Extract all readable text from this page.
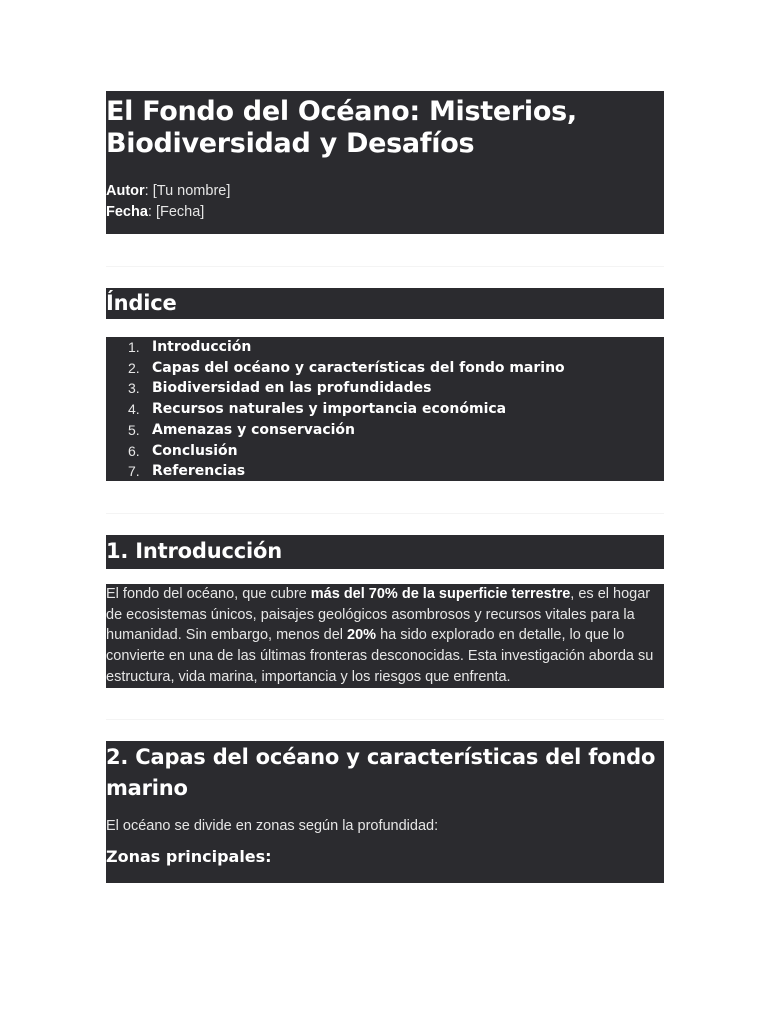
El Fondo del Océano: Misterios, Biodiversidad y Desafíos
Autor: [Tu nombre]
Fecha: [Fecha]
Índice
1. Introducción
2. Capas del océano y características del fondo marino
3. Biodiversidad en las profundidades
4. Recursos naturales y importancia económica
5. Amenazas y conservación
6. Conclusión
7. Referencias
1. Introducción

El fondo del océano, que cubre más del 70% de la superficie terrestre, es el hogar de ecosistemas únicos, paisajes geológicos asombrosos y recursos vitales para la humanidad. Sin embargo, menos del 20% ha sido explorado en detalle, lo que lo convierte en una de las últimas fronteras desconocidas. Esta investigación aborda su estructura, vida marina, importancia y los riesgos que enfrenta.

2. Capas del océano y características del fondo marino

El océano se divide en zonas según la profundidad:

Zonas principales:
